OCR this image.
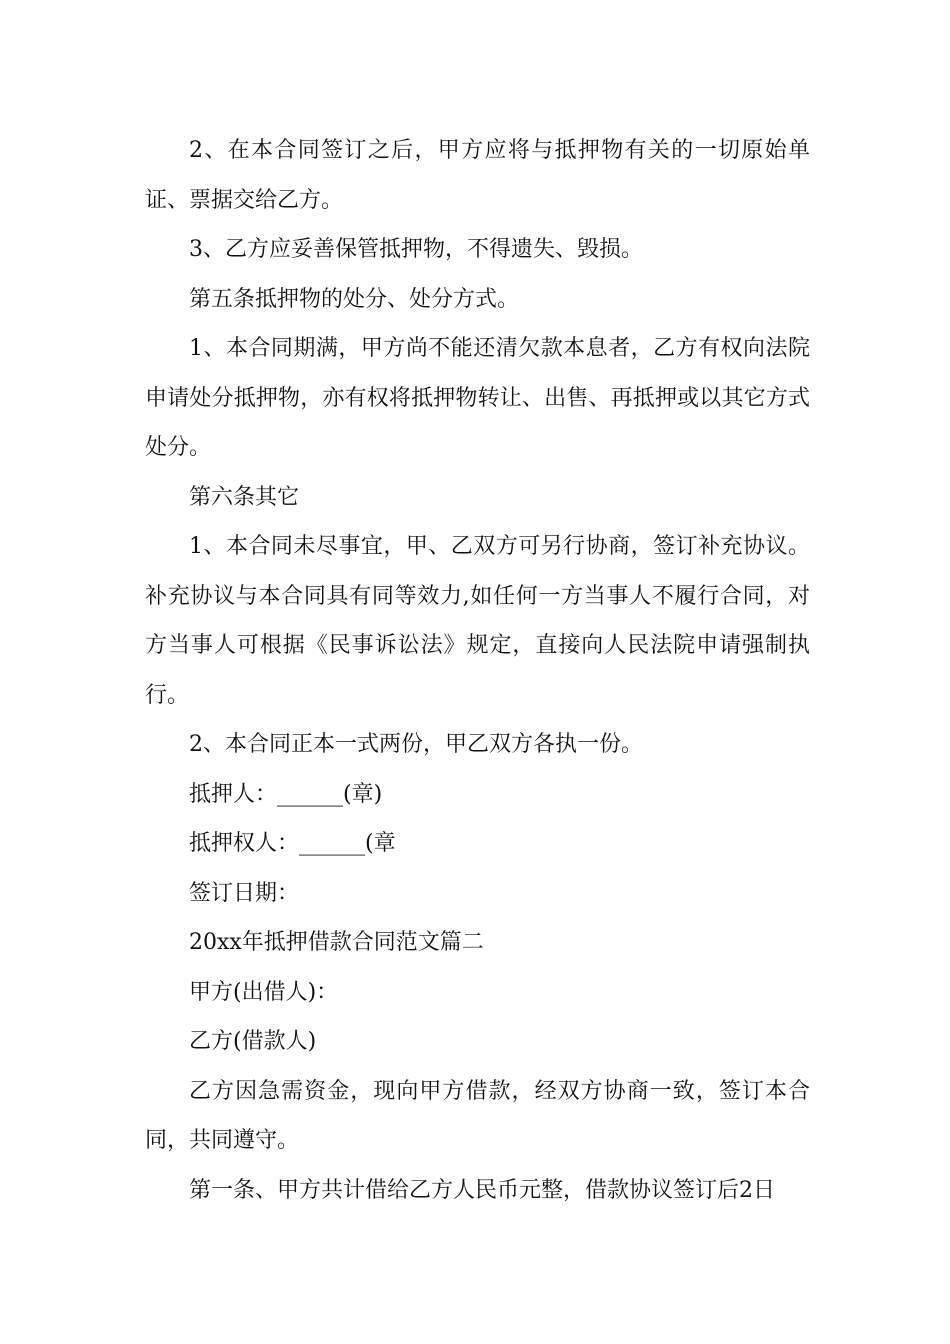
2、在本合同签订之后，甲方应将与抵押物有关的一切原始单证、票据交给乙方。

3、乙方应妥善保管抵押物，不得遗失、毁损。

第五条抵押物的处分、处分方式。

1、本合同期满，甲方尚不能还清欠款本息者，乙方有权向法院申请处分抵押物，亦有权将抵押物转让、出售、再抵押或以其它方式处分。

第六条其它

1、本合同未尽事宜，甲、乙双方可另行协商，签订补充协议。补充协议与本合同具有同等效力,如任何一方当事人不履行合同，对方当事人可根据《民事诉讼法》规定，直接向人民法院申请强制执行。

2、本合同正本一式两份，甲乙双方各执一份。

抵押人：______(章)

抵押权人：______(章

签订日期：

20xx年抵押借款合同范文篇二

甲方(出借人)：

乙方(借款人)

乙方因急需资金，现向甲方借款，经双方协商一致，签订本合同，共同遵守。

第一条、甲方共计借给乙方人民币元整，借款协议签订后2日
